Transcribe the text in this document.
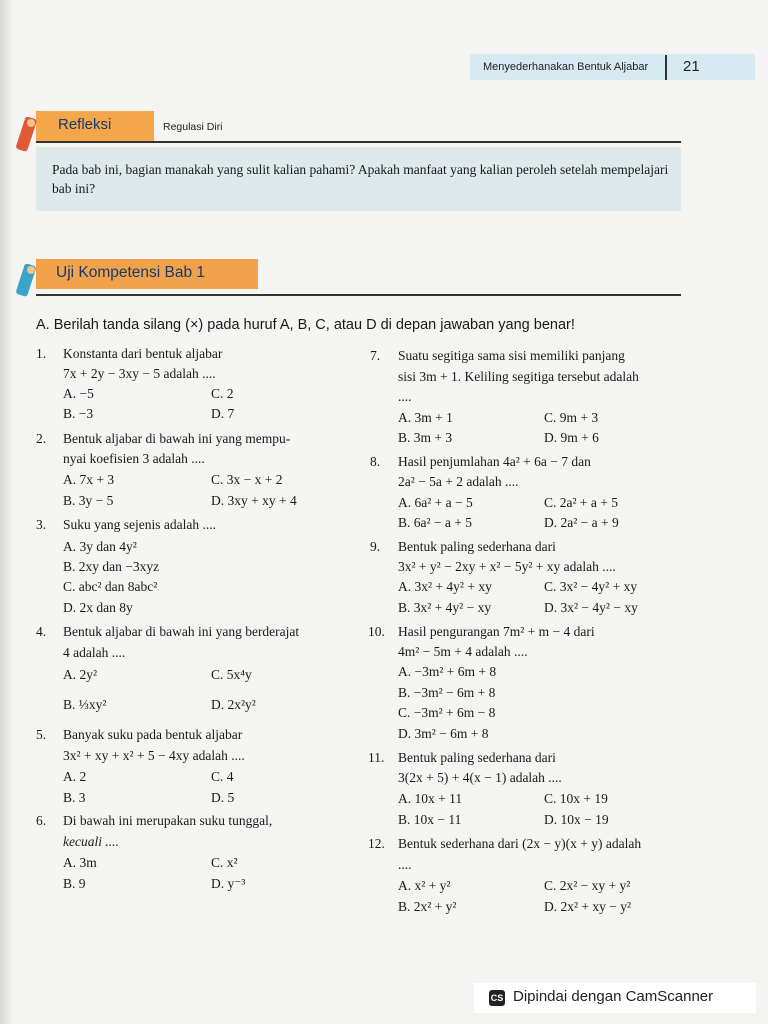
Menyederhanakan Bentuk Aljabar 21
Refleksi	Regulasi Diri
Pada bab ini, bagian manakah yang sulit kalian pahami? Apakah manfaat yang kalian peroleh setelah mempelajari bab ini?
Uji Kompetensi Bab 1
A. Berilah tanda silang (×) pada huruf A, B, C, atau D di depan jawaban yang benar!
1. Konstanta dari bentuk aljabar
7x + 2y − 3xy − 5 adalah ....
A. −5
B. −3
C. 2
D. 7
2. Bentuk aljabar di bawah ini yang mempu-
nyai koefisien 3 adalah ....
A. 7x + 3
B. 3y − 5
C. 3x − x + 2
D. 3xy + xy + 4
3. Suku yang sejenis adalah ....
A. 3y dan 4y²
B. 2xy dan −3xyz
C. abc² dan 8abc²
D. 2x dan 8y
4. Bentuk aljabar di bawah ini yang berderajat
4 adalah ....
A. 2y²
B. ⅓xy²
C. 5x⁴y
D. 2x²y²
5. Banyak suku pada bentuk aljabar
3x² + xy + x² + 5 − 4xy adalah ....
A. 2
B. 3
C. 4
D. 5
6. Di bawah ini merupakan suku tunggal,
kecuali ....
A. 3m
B. 9
C. x²
D. y⁻³
7. Suatu segitiga sama sisi memiliki panjang
sisi 3m + 1. Keliling segitiga tersebut adalah
....
A. 3m + 1
B. 3m + 3
C. 9m + 3
D. 9m + 6
8. Hasil penjumlahan 4a² + 6a − 7 dan
2a² − 5a + 2 adalah ....
A. 6a² + a − 5
B. 6a² − a + 5
C. 2a² + a + 5
D. 2a² − a + 9
9. Bentuk paling sederhana dari
3x² + y² − 2xy + x² − 5y² + xy adalah ....
A. 3x² + 4y² + xy
B. 3x² + 4y² − xy
C. 3x² − 4y² + xy
D. 3x² − 4y² − xy
10. Hasil pengurangan 7m² + m − 4 dari
4m² − 5m + 4 adalah ....
A. −3m² + 6m + 8
B. −3m² − 6m + 8
C. −3m² + 6m − 8
D. 3m² − 6m + 8
11. Bentuk paling sederhana dari
3(2x + 5) + 4(x − 1) adalah ....
A. 10x + 11
B. 10x − 11
C. 10x + 19
D. 10x − 19
12. Bentuk sederhana dari (2x − y)(x + y) adalah
....
A. x² + y²
B. 2x² + y²
C. 2x² − xy + y²
D. 2x² + xy − y²
CS Dipindai dengan CamScanner
